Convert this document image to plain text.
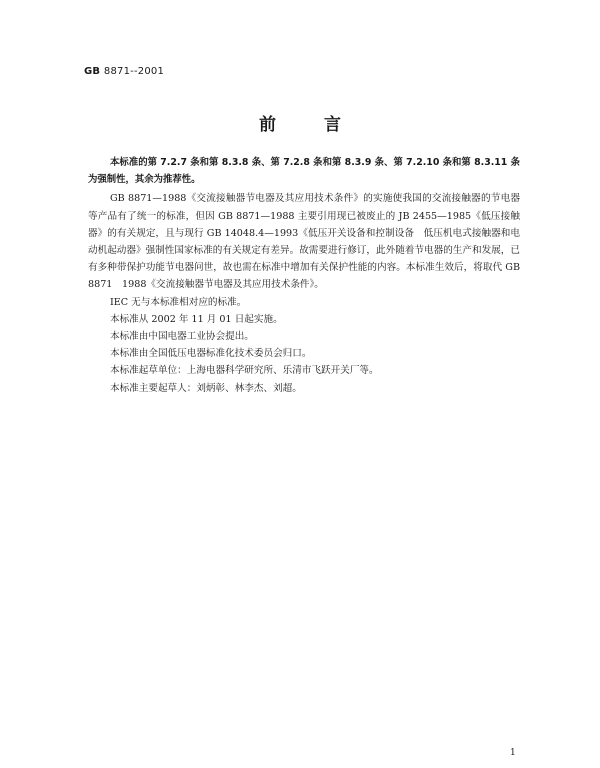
GB 8871--2001
前言

本标准的第 7.2.7 条和第 8.3.8 条、第 7.2.8 条和第 8.3.9 条、第 7.2.10 条和第 8.3.11 条为强制性，其余为推荐性。

GB 8871—1988《交流接触器节电器及其应用技术条件》的实施使我国的交流接触器的节电器等产品有了统一的标准，但因 GB 8871—1988 主要引用现已被废止的 JB 2455—1985《低压接触器》的有关规定，且与现行 GB 14048.4—1993《低压开关设备和控制设备　低压机电式接触器和电动机起动器》强制性国家标准的有关规定有差异。故需要进行修订，此外随着节电器的生产和发展，已有多种带保护功能节电器问世，故也需在标准中增加有关保护性能的内容。本标准生效后，将取代 GB 8871　1988《交流接触器节电器及其应用技术条件》。

IEC 无与本标准相对应的标准。

本标准从 2002 年 11 月 01 日起实施。

本标准由中国电器工业协会提出。

本标准由全国低压电器标准化技术委员会归口。

本标准起草单位：上海电器科学研究所、乐清市飞跃开关厂等。

本标准主要起草人：刘炳彰、林李杰、刘超。

1
